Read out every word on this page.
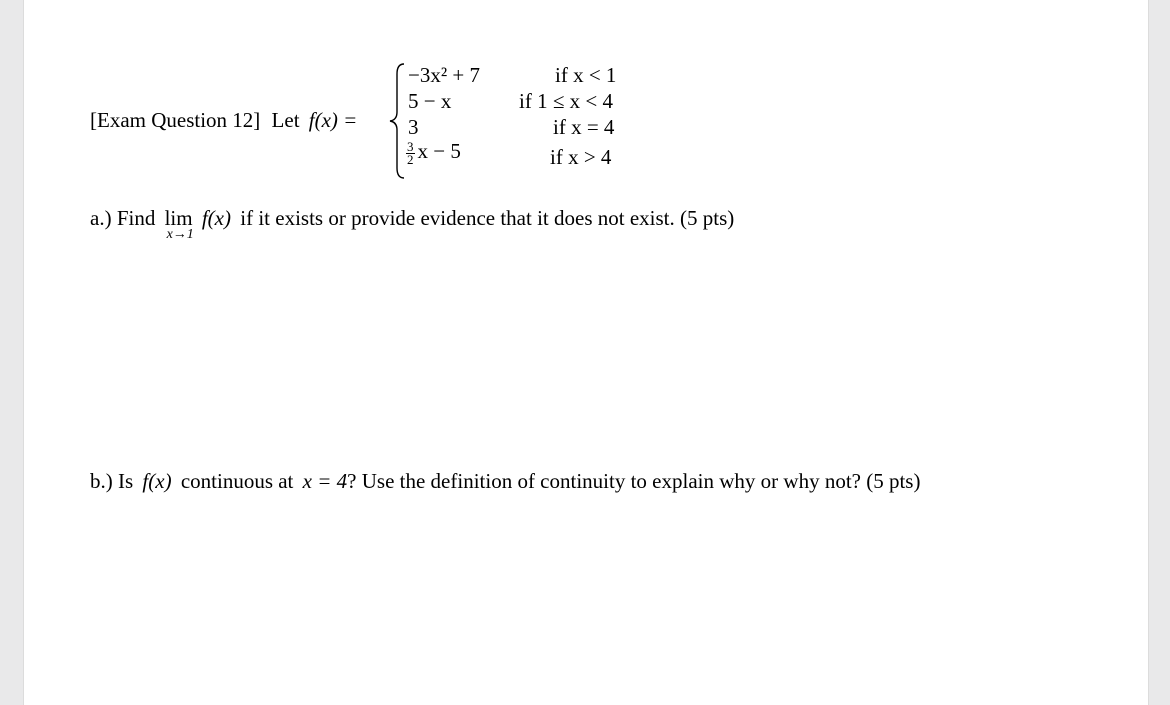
[Exam Question 12] Let f(x) =
−3x² + 7
5 − x
3
$\frac{3}{2}$ x − 5
if x < 1
if 1 ≤ x < 4
if x = 4
if x > 4
a.) Find lim
x→1
f(x) if it exists or provide evidence that it does not exist. (5 pts)
b.) Is f(x) continuous at x = 4? Use the definition of continuity to explain why or why not? (5 pts)
